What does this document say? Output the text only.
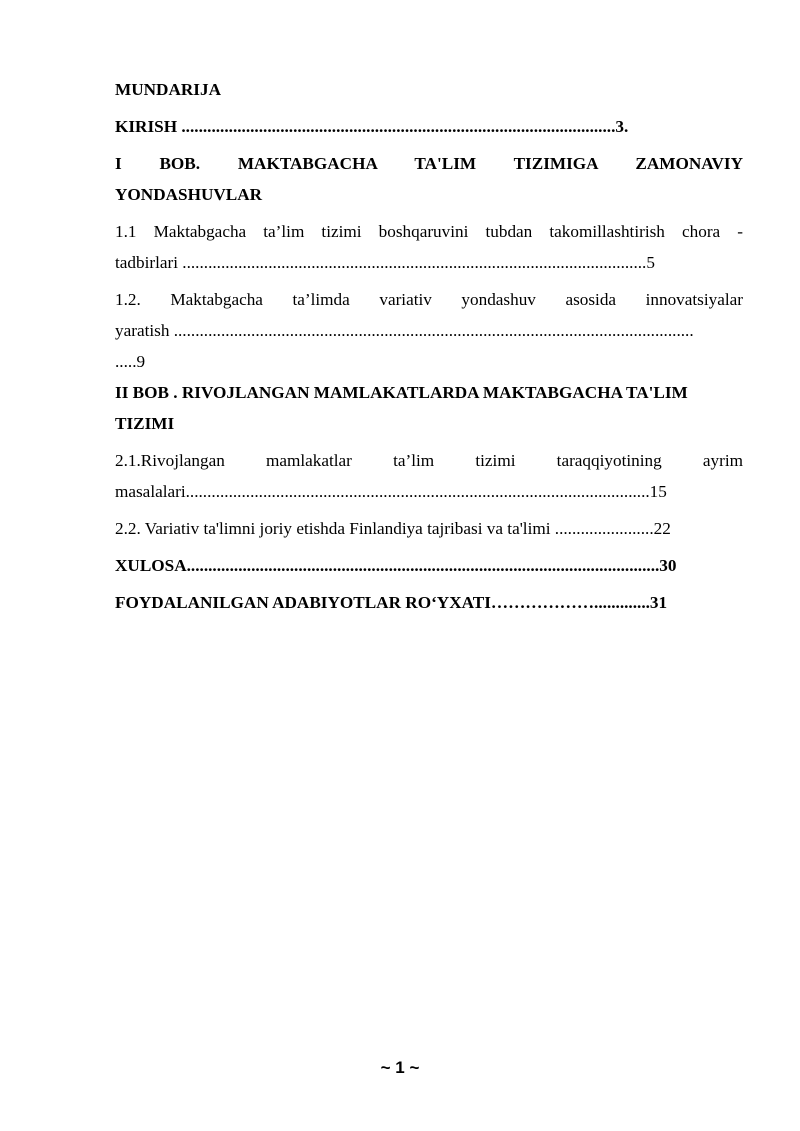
MUNDARIJA
KIRISH .....................................................................................................3.
I BOB. MAKTABGACHA TA'LIM TIZIMIGA ZAMONAVIY
YONDASHUVLAR
1.1 Maktabgacha ta’lim tizimi boshqaruvini tubdan takomillashtirish chora -
tadbirlari ............................................................................................................5
1.2. Maktabgacha ta’limda variativ yondashuv asosida innovatsiyalar
yaratish .........................................................................................................................
.....9
II BOB . RIVOJLANGAN MAMLAKATLARDA MAKTABGACHA TA'LIM
TIZIMI
2.1.Rivojlangan mamlakatlar ta’lim tizimi taraqqiyotining ayrim
masalalari............................................................................................................15
2.2. Variativ ta'limni joriy etishda Finlandiya tajribasi va ta'limi .......................22
XULOSA..............................................................................................................30
FOYDALANILGAN ADABIYOTLAR RO‘YXATI……………….............31
~ 1 ~
